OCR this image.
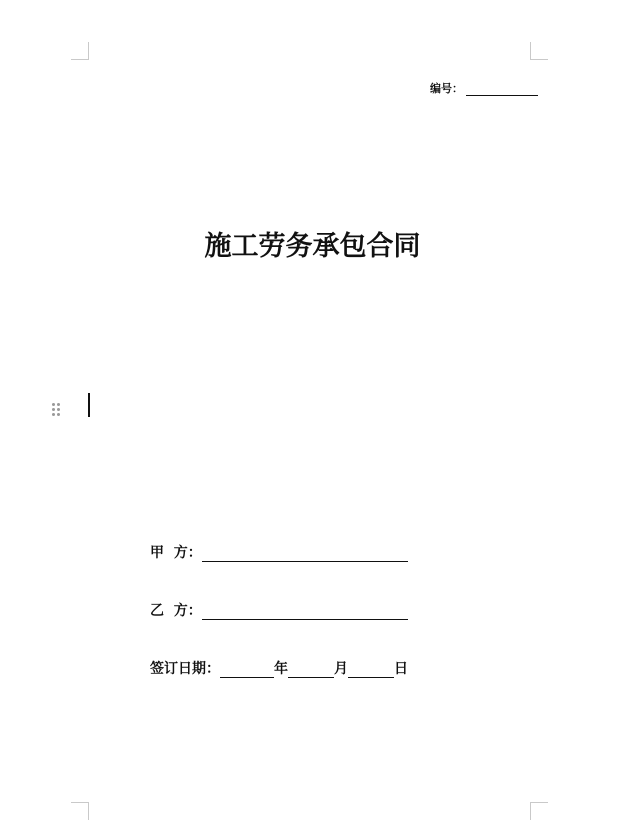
编号：
施工劳务承包合同
甲  方 ：
乙  方 ：
签订日期：	年	月	日
